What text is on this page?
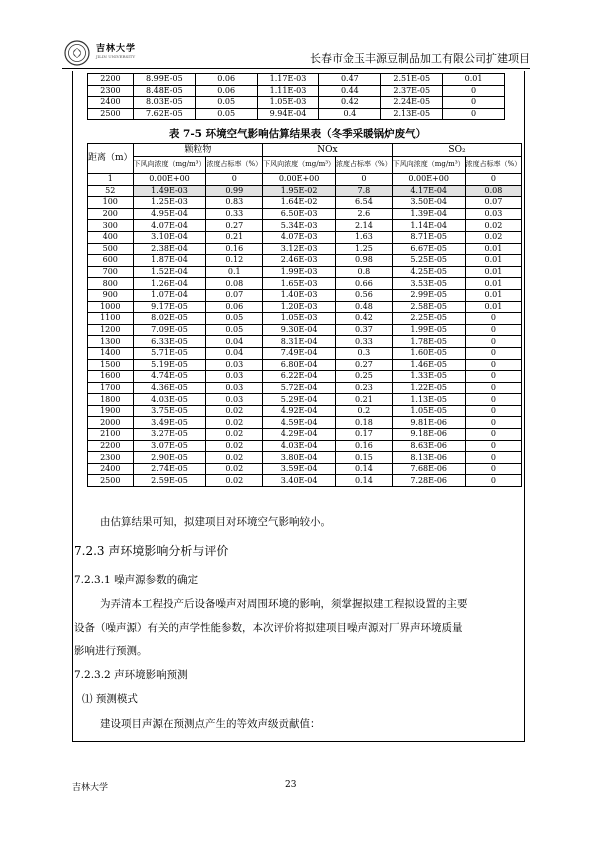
吉林大学
JILIN UNIVERSITY	长春市金玉丰源豆制品加工有限公司扩建项目
2200	8.99E-05	0.06	1.17E-03	0.47	2.51E-05	0.01
2300	8.48E-05	0.06	1.11E-03	0.44	2.37E-05	0
2400	8.03E-05	0.05	1.05E-03	0.42	2.24E-05	0
2500	7.62E-05	0.05	9.94E-04	0.4	2.13E-05	0
表 7-5 环境空气影响估算结果表（冬季采暖锅炉废气）
距离（m）	颗粒物		NOx		SO₂	
	下风向浓度（mg/m³）	浓度占标率（%）	下风向浓度（mg/m³）	浓度占标率（%）	下风向浓度（mg/m³）	浓度占标率（%）
1	0.00E+00	0	0.00E+00	0	0.00E+00	0
52	1.49E-03	0.99	1.95E-02	7.8	4.17E-04	0.08
100	1.25E-03	0.83	1.64E-02	6.54	3.50E-04	0.07
200	4.95E-04	0.33	6.50E-03	2.6	1.39E-04	0.03
300	4.07E-04	0.27	5.34E-03	2.14	1.14E-04	0.02
400	3.10E-04	0.21	4.07E-03	1.63	8.71E-05	0.02
500	2.38E-04	0.16	3.12E-03	1.25	6.67E-05	0.01
600	1.87E-04	0.12	2.46E-03	0.98	5.25E-05	0.01
700	1.52E-04	0.1	1.99E-03	0.8	4.25E-05	0.01
800	1.26E-04	0.08	1.65E-03	0.66	3.53E-05	0.01
900	1.07E-04	0.07	1.40E-03	0.56	2.99E-05	0.01
1000	9.17E-05	0.06	1.20E-03	0.48	2.58E-05	0.01
1100	8.02E-05	0.05	1.05E-03	0.42	2.25E-05	0
1200	7.09E-05	0.05	9.30E-04	0.37	1.99E-05	0
1300	6.33E-05	0.04	8.31E-04	0.33	1.78E-05	0
1400	5.71E-05	0.04	7.49E-04	0.3	1.60E-05	0
1500	5.19E-05	0.03	6.80E-04	0.27	1.46E-05	0
1600	4.74E-05	0.03	6.22E-04	0.25	1.33E-05	0
1700	4.36E-05	0.03	5.72E-04	0.23	1.22E-05	0
1800	4.03E-05	0.03	5.29E-04	0.21	1.13E-05	0
1900	3.75E-05	0.02	4.92E-04	0.2	1.05E-05	0
2000	3.49E-05	0.02	4.59E-04	0.18	9.81E-06	0
2100	3.27E-05	0.02	4.29E-04	0.17	9.18E-06	0
2200	3.07E-05	0.02	4.03E-04	0.16	8.63E-06	0
2300	2.90E-05	0.02	3.80E-04	0.15	8.13E-06	0
2400	2.74E-05	0.02	3.59E-04	0.14	7.68E-06	0
2500	2.59E-05	0.02	3.40E-04	0.14	7.28E-06	0
由估算结果可知，拟建项目对环境空气影响较小。
7.2.3 声环境影响分析与评价
7.2.3.1 噪声源参数的确定
为弄清本工程投产后设备噪声对周围环境的影响，须掌握拟建工程拟设置的主要
设备（噪声源）有关的声学性能参数，本次评价将拟建项目噪声源对厂界声环境质量
影响进行预测。
7.2.3.2 声环境影响预测
⑴ 预测模式
建设项目声源在预测点产生的等效声级贡献值：
吉林大学	23
